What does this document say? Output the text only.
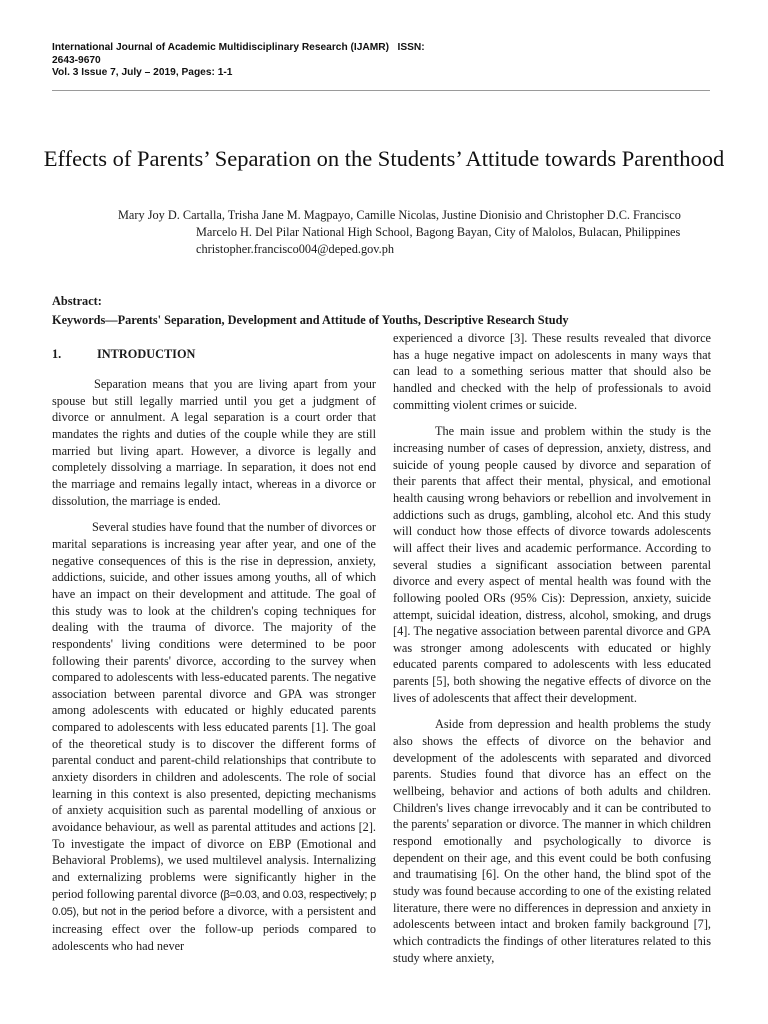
International Journal of Academic Multidisciplinary Research (IJAMR)   ISSN:
2643-9670
Vol. 3 Issue 7, July – 2019, Pages: 1-1
Effects of Parents’ Separation on the Students’ Attitude towards Parenthood
Mary Joy D. Cartalla, Trisha Jane M. Magpayo, Camille Nicolas, Justine Dionisio and Christopher D.C. Francisco
Marcelo H. Del Pilar National High School, Bagong Bayan, City of Malolos, Bulacan, Philippines
christopher.francisco004@deped.gov.ph
Abstract:
Keywords—Parents' Separation, Development and Attitude of Youths, Descriptive Research Study
1.	INTRODUCTION

Separation means that you are living apart from your spouse but still legally married until you get a judgment of divorce or annulment. A legal separation is a court order that mandates the rights and duties of the couple while they are still married but living apart. However, a divorce is legally and completely dissolving a marriage. In separation, it does not end the marriage and remains legally intact, whereas in a divorce or dissolution, the marriage is ended.

Several studies have found that the number of divorces or marital separations is increasing year after year, and one of the negative consequences of this is the rise in depression, anxiety, addictions, suicide, and other issues among youths, all of which have an impact on their development and attitude. The goal of this study was to look at the children's coping techniques for dealing with the trauma of divorce. The majority of the respondents' living conditions were determined to be poor following their parents' divorce, according to the survey when compared to adolescents with less-educated parents. The negative association between parental divorce and GPA was stronger among adolescents with educated or highly educated parents compared to adolescents with less educated parents [1]. The goal of the theoretical study is to discover the different forms of parental conduct and parent-child relationships that contribute to anxiety disorders in children and adolescents. The role of social learning in this context is also presented, depicting mechanisms of anxiety acquisition such as parental modelling of anxious or avoidance behaviour, as well as parental attitudes and actions [2]. To investigate the impact of divorce on EBP (Emotional and Behavioral Problems), we used multilevel analysis. Internalizing and externalizing problems were significantly higher in the period following parental divorce (β=0.03, and 0.03, respectively; p 0.05), but not in the period before a divorce, with a persistent and increasing effect over the follow-up periods compared to adolescents who had never

experienced a divorce [3]. These results revealed that divorce has a huge negative impact on adolescents in many ways that can lead to a something serious matter that should also be handled and checked with the help of professionals to avoid committing violent crimes or suicide.

The main issue and problem within the study is the increasing number of cases of depression, anxiety, distress, and suicide of young people caused by divorce and separation of their parents that affect their mental, physical, and emotional health causing wrong behaviors or rebellion and involvement in addictions such as drugs, gambling, alcohol etc. And this study will conduct how those effects of divorce towards adolescents will affect their lives and academic performance. According to several studies a significant association between parental divorce and every aspect of mental health was found with the following pooled ORs (95% Cis): Depression, anxiety, suicide attempt, suicidal ideation, distress, alcohol, smoking, and drugs [4]. The negative association between parental divorce and GPA was stronger among adolescents with educated or highly educated parents compared to adolescents with less educated parents [5], both showing the negative effects of divorce on the lives of adolescents that affect their development.

Aside from depression and health problems the study also shows the effects of divorce on the behavior and development of the adolescents with separated and divorced parents. Studies found that divorce has an effect on the wellbeing, behavior and actions of both adults and children. Children's lives change irrevocably and it can be contributed to the parents' separation or divorce. The manner in which children respond emotionally and psychologically to divorce is dependent on their age, and this event could be both confusing and traumatising [6]. On the other hand, the blind spot of the study was found because according to one of the existing related literature, there were no differences in depression and anxiety in adolescents between intact and broken family background [7], which contradicts the findings of other literatures related to this study where anxiety,
